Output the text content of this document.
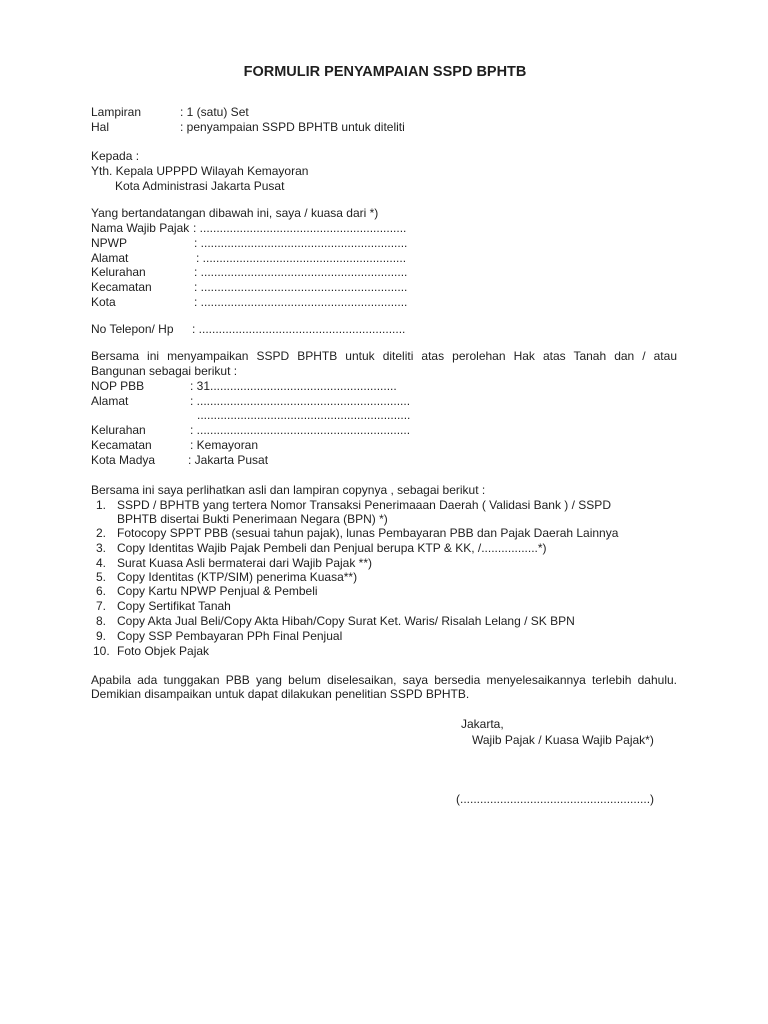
FORMULIR PENYAMPAIAN SSPD BPHTB
Lampiran	: 1 (satu) Set
Hal	: penyampaian SSPD BPHTB untuk diteliti
Kepada :
Yth. Kepala UPPPD Wilayah Kemayoran
Kota Administrasi Jakarta Pusat
Yang bertandatangan dibawah ini, saya / kuasa dari *)
Nama Wajib Pajak : ..............................................................
NPWP	: ..............................................................
Alamat	: .............................................................
Kelurahan	: ..............................................................
Kecamatan	: ..............................................................
Kota	: ..............................................................
No Telepon/ Hp : ..............................................................
Bersama ini menyampaikan SSPD BPHTB untuk diteliti atas perolehan Hak atas Tanah dan / atau
Bangunan sebagai berikut :
NOP PBB	: 31........................................................
Alamat	: ................................................................
................................................................
Kelurahan	: ................................................................
Kecamatan	: Kemayoran
Kota Madya	: Jakarta Pusat
Bersama ini saya perlihatkan asli dan lampiran copynya , sebagai berikut :
1. SSPD / BPHTB yang tertera Nomor Transaksi Penerimaaan Daerah ( Validasi Bank ) / SSPD
BPHTB disertai Bukti Penerimaan Negara (BPN) *)
2. Fotocopy SPPT PBB (sesuai tahun pajak), lunas Pembayaran PBB dan Pajak Daerah Lainnya
3. Copy Identitas Wajib Pajak Pembeli dan Penjual berupa KTP & KK, /.................*)
4. Surat Kuasa Asli bermaterai dari Wajib Pajak **)
5. Copy Identitas (KTP/SIM) penerima Kuasa**)
6. Copy Kartu NPWP Penjual & Pembeli
7. Copy Sertifikat Tanah
8. Copy Akta Jual Beli/Copy Akta Hibah/Copy Surat Ket. Waris/ Risalah Lelang / SK BPN
9. Copy SSP Pembayaran PPh Final Penjual
10. Foto Objek Pajak
Apabila ada tunggakan PBB yang belum diselesaikan, saya bersedia menyelesaikannya terlebih dahulu.
Demikian disampaikan untuk dapat dilakukan penelitian SSPD BPHTB.
Jakarta,
Wajib Pajak / Kuasa Wajib Pajak*)
(.........................................................)
